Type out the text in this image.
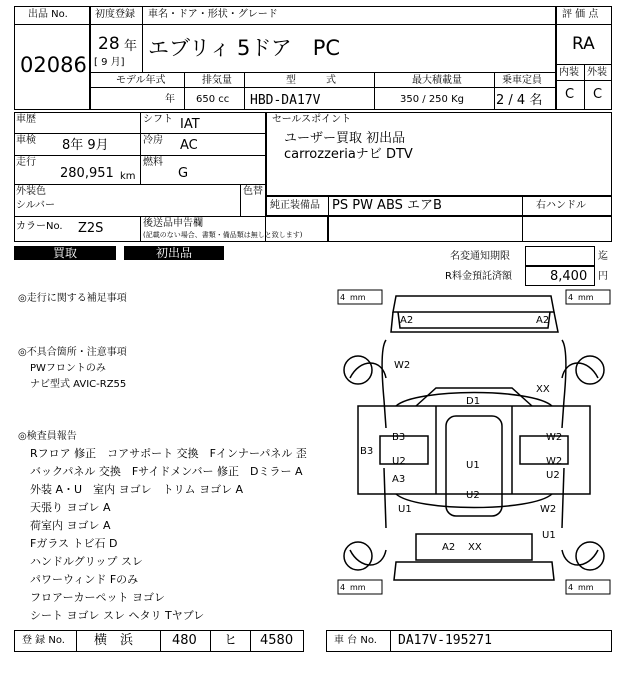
出品 No.
02086
初度登録 車名・ドア・形状・グレード
28 年
[ 9 月]
エブリィ 5ドア　PC
モデル年式	排気量	型　　　式	最大積載量	乗車定員
年 650 cc HBD-DA17V	350 / 250 Kg 2 / 4 名
評 価 点
RA
内装 外装
C C
車歴	シフト IAT
車検 8年 9月	冷房 AC
走行
280,951 km
燃料
G
外装色
シルバー
色替
カラーNo. Z2S	後送品申告欄
(記載のない場合、書類・備品類は無しと致します)
セールスポイント
ユーザー買取 初出品
carrozzeriaナビ DTV
純正装備品 PS PW ABS エアB	右ハンドル
買取	初出品	名変通知期限	迄
R料金預託済額	8,400 円
◎走行に関する補足事項
◎不具合箇所・注意事項
PWフロントのみ
ナビ型式 AVIC-RZ55
◎検査員報告
Rフロア 修正　コアサポート 交換　Fインナーパネル 歪
バックパネル 交換　Fサイドメンバー 修正　Dミラー A
外装 A・U　室内 ヨゴレ　トリム ヨゴレ A
天張り ヨゴレ A
荷室内 ヨゴレ A
Fガラス トビ石 D
ハンドルグリップ スレ
パワーウィンド Fのみ
フロアーカーペット ヨゴレ
シート ヨゴレ スレ ヘタリ Tヤブレ
4 mm	4 mm
4 mm	4 mm
A2	A2
W2
XX
D1
B3
B3
U2
A3
U1
U2
W2
W2
U2
U1	W2
U1
A2 XX
登 録 No. 横　浜	480 ヒ 4580	車 台 No. DA17V-195271
